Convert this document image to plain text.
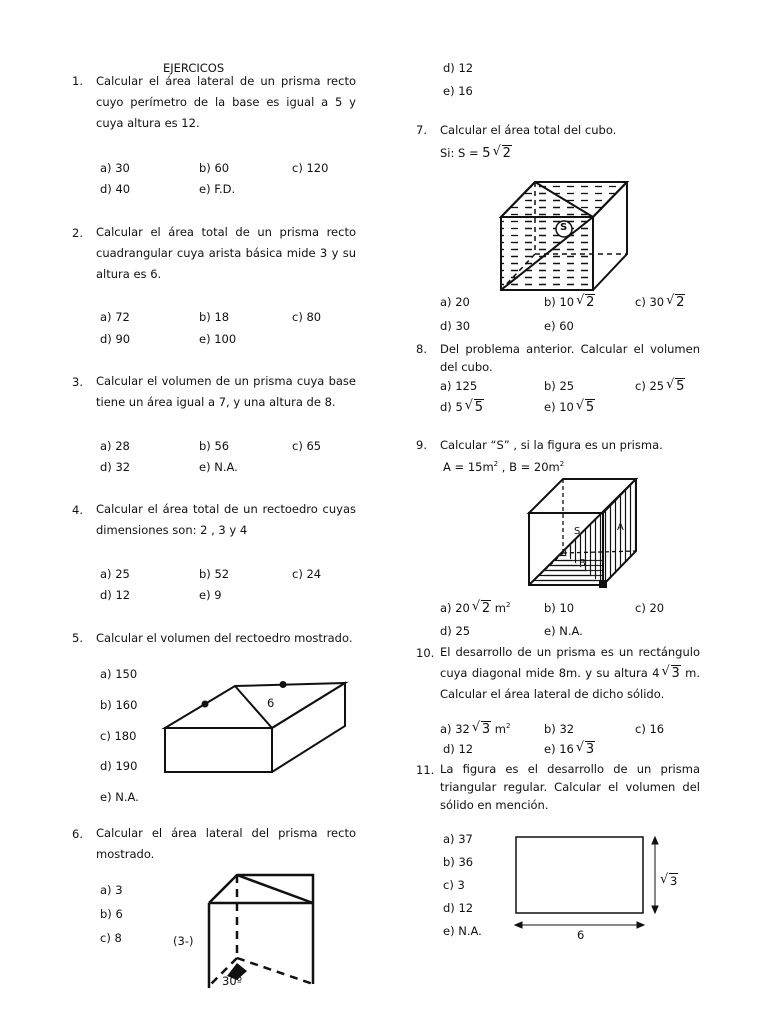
EJERCICOS
1. Calcular el área lateral de un prisma recto cuyo perímetro de la base es igual a 5 y cuya altura es 12.
a) 30	b) 60	c) 120
d) 40	e) F.D.
2. Calcular el área total de un prisma recto cuadrangular cuya arista básica mide 3 y su altura es 6.
a) 72	b) 18	c) 80
d) 90	e) 100
3. Calcular el volumen de un prisma cuya base tiene un área igual a 7, y una altura de 8.
a) 28	b) 56	c) 65
d) 32	e) N.A.
4. Calcular el área total de un rectoedro cuyas dimensiones son: 2 , 3 y 4
a) 25	b) 52	c) 24
d) 12	e) 9
5. Calcular el volumen del rectoedro mostrado.
a) 150
b) 160
c) 180
d) 190
e) N.A.
6
6. Calcular el área lateral del prisma recto mostrado.
a) 3
b) 6
c) 8	(3-)
30º
d) 12
e) 16
7. Calcular el área total del cubo.
Si: S = 5 √ 2
S
a) 20	b) 10 √ 2	c) 30 √ 2
d) 30	e) 60
8. Del problema anterior. Calcular el volumen del cubo.
a) 125	b) 25	c) 25 √ 5
d) 5 √ 5	e) 10 √ 5
9. Calcular “S” , si la figura es un prisma.
$A = 15m^2$ , $B = 20m^2$
S	A
B
a) 20 √ 2 $m^2$	b) 10	c) 20
d) 25	e) N.A.
10. El desarrollo de un prisma es un rectángulo cuya diagonal mide 8m. y su altura 4 √ 3 m. Calcular el área lateral de dicho sólido.
a) 32 √ 3 $m^2$	b) 32	c) 16
d) 12	e) 16 √ 3
11. La figura es el desarrollo de un prisma triangular regular. Calcular el volumen del sólido en mención.
a) 37
b) 36
c) 3
d) 12
e) N.A.
√ 3
6
